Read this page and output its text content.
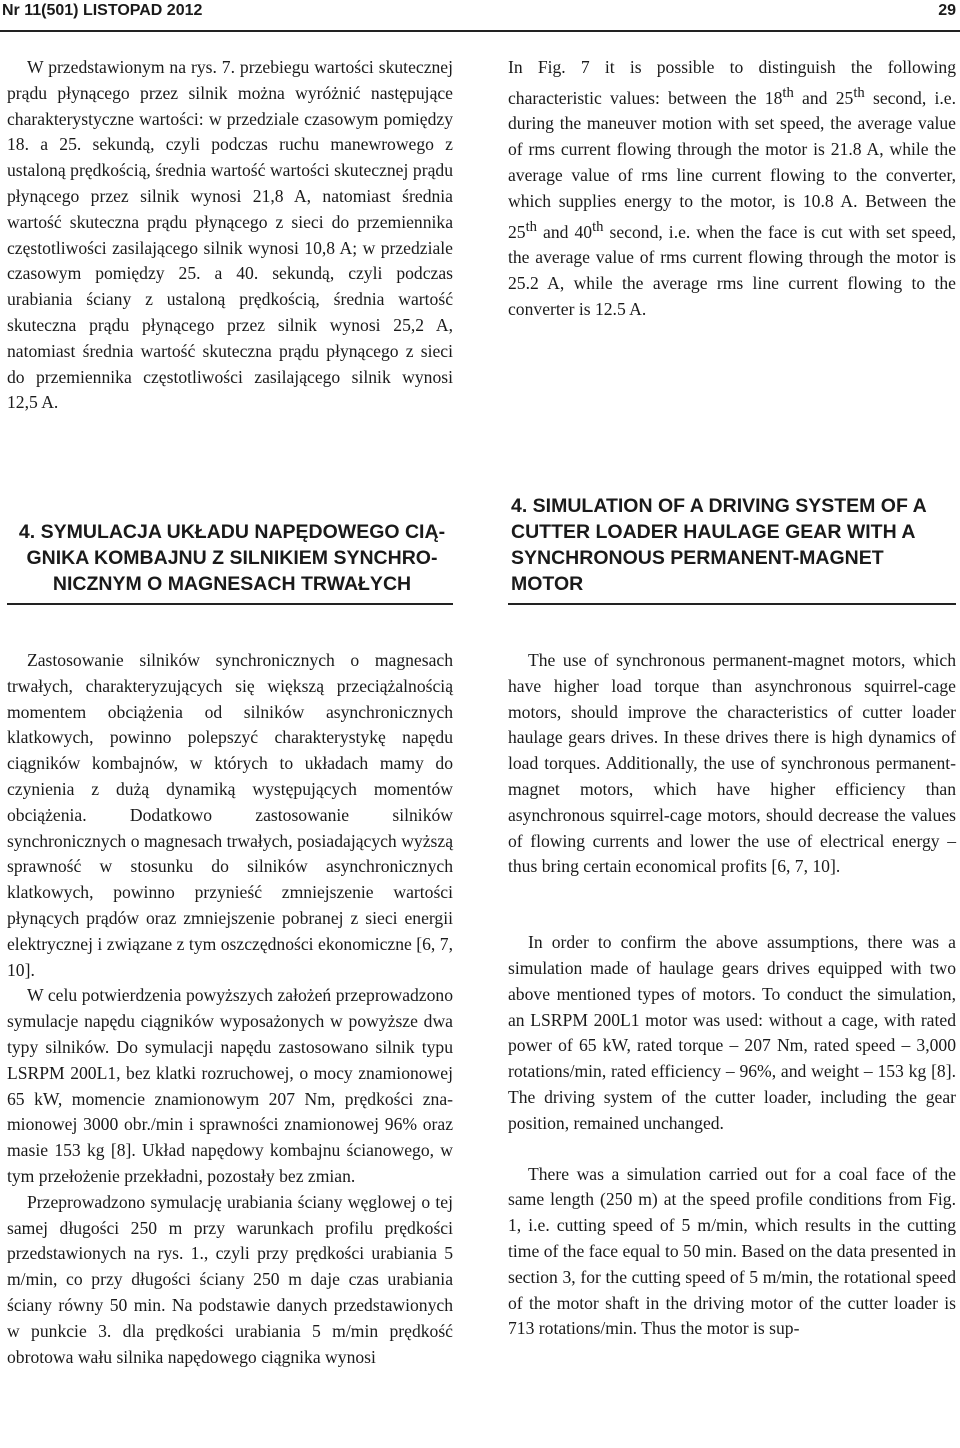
Nr 11(501) LISTOPAD 2012	29

W przedstawionym na rys. 7. przebiegu wartości skutecznej prądu płynącego przez silnik można wyróżnić następujące charakterystyczne wartości: w przedziale czasowym pomiędzy 18. a 25. sekundą, czyli podczas ruchu manewrowego z ustaloną prędkością, średnia wartość wartości skutecznej prądu płynącego przez silnik wynosi 21,8 A, natomiast średnia wartość skuteczna prądu płynącego z sieci do przemiennika częstotliwości zasilającego silnik wynosi 10,8 A; w przedziale czasowym pomiędzy 25. a 40. sekundą, czyli podczas urabiania ściany z ustaloną prędkością, średnia wartość skuteczna prądu płynącego przez silnik wynosi 25,2 A, natomiast średnia wartość skuteczna prądu płynącego z sieci do przemiennika częstotliwości zasilającego silnik wynosi 12,5 A.

In Fig. 7 it is possible to distinguish the following characteristic values: between the 18th and 25th second, i.e. during the maneuver motion with set speed, the average value of rms current flowing through the motor is 21.8 A, while the average value of rms line current flowing to the converter, which supplies energy to the motor, is 10.8 A. Between the 25th and 40th second, i.e. when the face is cut with set speed, the average value of rms current flowing through the motor is 25.2 A, while the average rms line current flowing to the converter is 12.5 A.

4. SYMULACJA UKŁADU NAPĘDOWEGO CIĄGNIKA KOMBAJNU Z SILNIKIEM SYNCHRONICZNYM O MAGNESACH TRWAŁYCH
4. SIMULATION OF A DRIVING SYSTEM OF A CUTTER LOADER HAULAGE GEAR WITH A SYNCHRONOUS PERMANENT-MAGNET MOTOR

Zastosowanie silników synchronicznych o magnesach trwałych, charakteryzujących się większą przeciążalnością momentem obciążenia od silników asynchronicznych klatkowych, powinno polepszyć charakterystykę napędu ciągników kombajnów, w których to układach mamy do czynienia z dużą dynamiką występujących momentów obciążenia. Dodatkowo zastosowanie silników synchronicznych o magnesach trwałych, posiadających wyższą sprawność w stosunku do silników asynchronicznych klatkowych, powinno przynieść zmniejszenie wartości płynących prądów oraz zmniejszenie pobranej z sieci energii elektrycznej i związane z tym oszczędności ekonomiczne [6, 7, 10].

W celu potwierdzenia powyższych założeń przeprowadzono symulacje napędu ciągników wyposażonych w powyższe dwa typy silników. Do symulacji napędu zastosowano silnik typu LSRPM 200L1, bez klatki rozruchowej, o mocy znamionowej 65 kW, momencie znamionowym 207 Nm, prędkości znamionowej 3000 obr./min i sprawności znamionowej 96% oraz masie 153 kg [8]. Układ napędowy kombajnu ścianowego, w tym przełożenie przekładni, pozostały bez zmian.

Przeprowadzono symulację urabiania ściany węglowej o tej samej długości 250 m przy warunkach profilu prędkości przedstawionych na rys. 1., czyli przy prędkości urabiania 5 m/min, co przy długości ściany 250 m daje czas urabiania ściany równy 50 min. Na podstawie danych przedstawionych w punkcie 3. dla prędkości urabiania 5 m/min prędkość obrotowa wału silnika napędowego ciągnika wynosi

The use of synchronous permanent-magnet motors, which have higher load torque than asynchronous squirrel-cage motors, should improve the characteristics of cutter loader haulage gears drives. In these drives there is high dynamics of load torques. Additionally, the use of synchronous permanent-magnet motors, which have higher efficiency than asynchronous squirrel-cage motors, should decrease the values of flowing currents and lower the use of electrical energy – thus bring certain economical profits [6, 7, 10].

In order to confirm the above assumptions, there was a simulation made of haulage gears drives equipped with two above mentioned types of motors. To conduct the simulation, an LSRPM 200L1 motor was used: without a cage, with rated power of 65 kW, rated torque – 207 Nm, rated speed – 3,000 rotations/min, rated efficiency – 96%, and weight – 153 kg [8]. The driving system of the cutter loader, including the gear position, remained unchanged.

There was a simulation carried out for a coal face of the same length (250 m) at the speed profile conditions from Fig. 1, i.e. cutting speed of 5 m/min, which results in the cutting time of the face equal to 50 min. Based on the data presented in section 3, for the cutting speed of 5 m/min, the rotational speed of the motor shaft in the driving motor of the cutter loader is 713 rotations/min. Thus the motor is sup-
